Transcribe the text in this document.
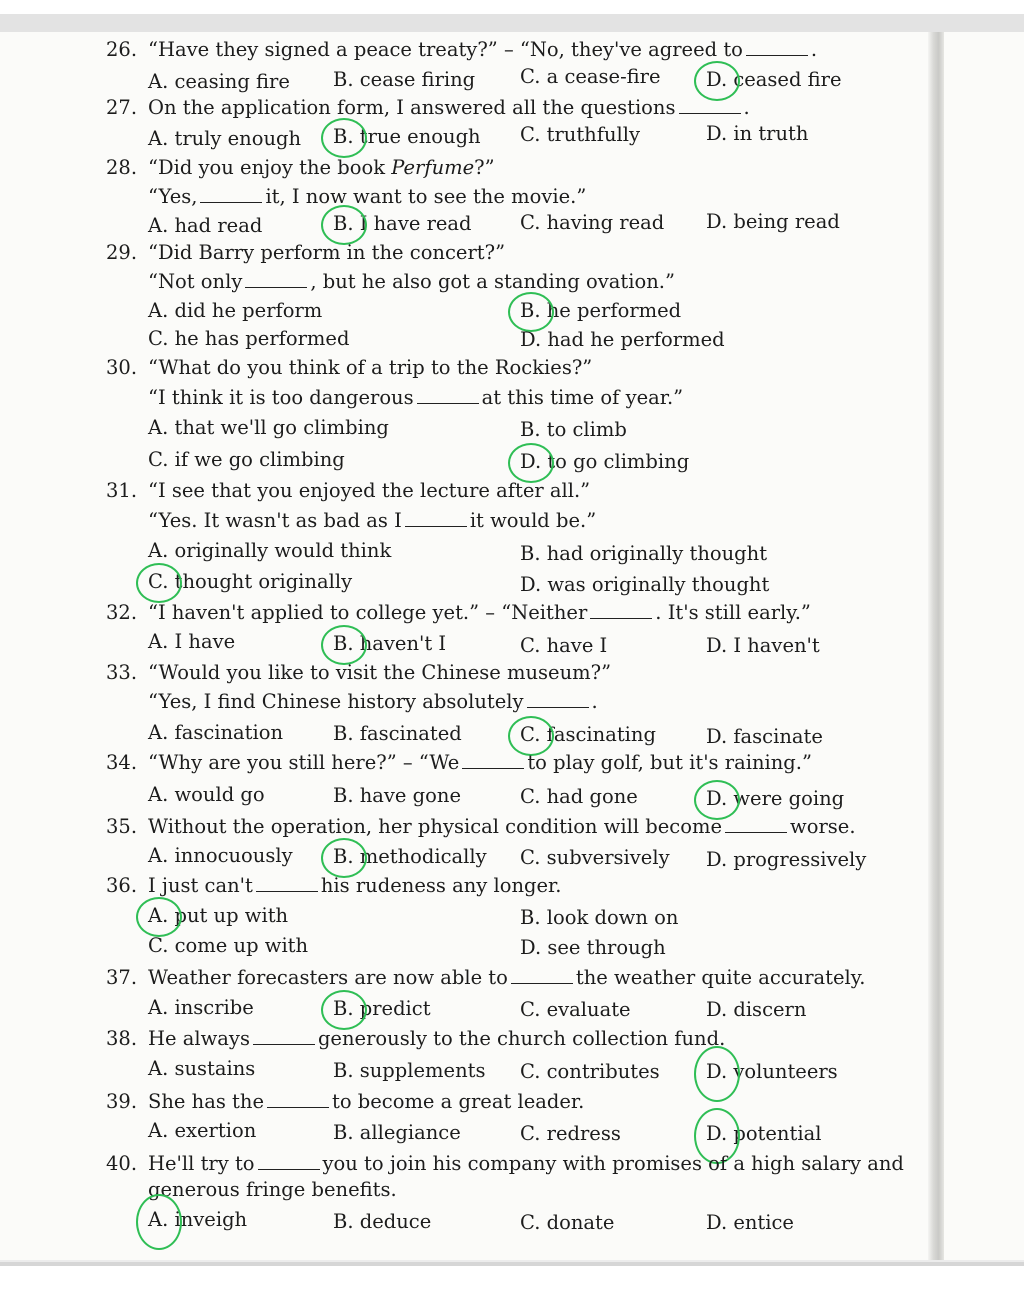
26. “Have they signed a peace treaty?” – “No, they've agreed to	.
A. ceasing fire B. cease firing C. a cease-fire D. ceased fire
27. On the application form, I answered all the questions	.
A. truly enough B. true enough C. truthfully	D. in truth
28. “Did you enjoy the book Perfume?”
“Yes,	it, I now want to see the movie.”
A. had read	B. I have read C. having read D. being read
29. “Did Barry perform in the concert?”
“Not only	, but he also got a standing ovation.”
A. did he perform	B. he performed
C. he has performed	D. had he performed
30. “What do you think of a trip to the Rockies?”
“I think it is too dangerous	at this time of year.”
A. that we'll go climbing	B. to climb
C. if we go climbing	D. to go climbing
31. “I see that you enjoyed the lecture after all.”
“Yes. It wasn't as bad as I	it would be.”
A. originally would think	B. had originally thought
C. thought originally	D. was originally thought
32. “I haven't applied to college yet.” – “Neither	. It's still early.”
A. I have	B. haven't I	C. have I	D. I haven't
33. “Would you like to visit the Chinese museum?”
“Yes, I find Chinese history absolutely	.
A. fascination	B. fascinated	C. fascinating	D. fascinate
34. “Why are you still here?” – “We	to play golf, but it's raining.”
A. would go	B. have gone	C. had gone	D. were going
35. Without the operation, her physical condition will become	worse.
A. innocuously B. methodically C. subversively D. progressively
36. I just can't	his rudeness any longer.
A. put up with	B. look down on
C. come up with	D. see through
37. Weather forecasters are now able to	the weather quite accurately.
A. inscribe	B. predict	C. evaluate	D. discern
38. He always	generously to the church collection fund.
A. sustains	B. supplements C. contributes D. volunteers
39. She has the	to become a great leader.
A. exertion	B. allegiance	C. redress	D. potential
40. He'll try to	you to join his company with promises of a high salary and
generous fringe benefits.
A. inveigh	B. deduce	C. donate	D. entice
